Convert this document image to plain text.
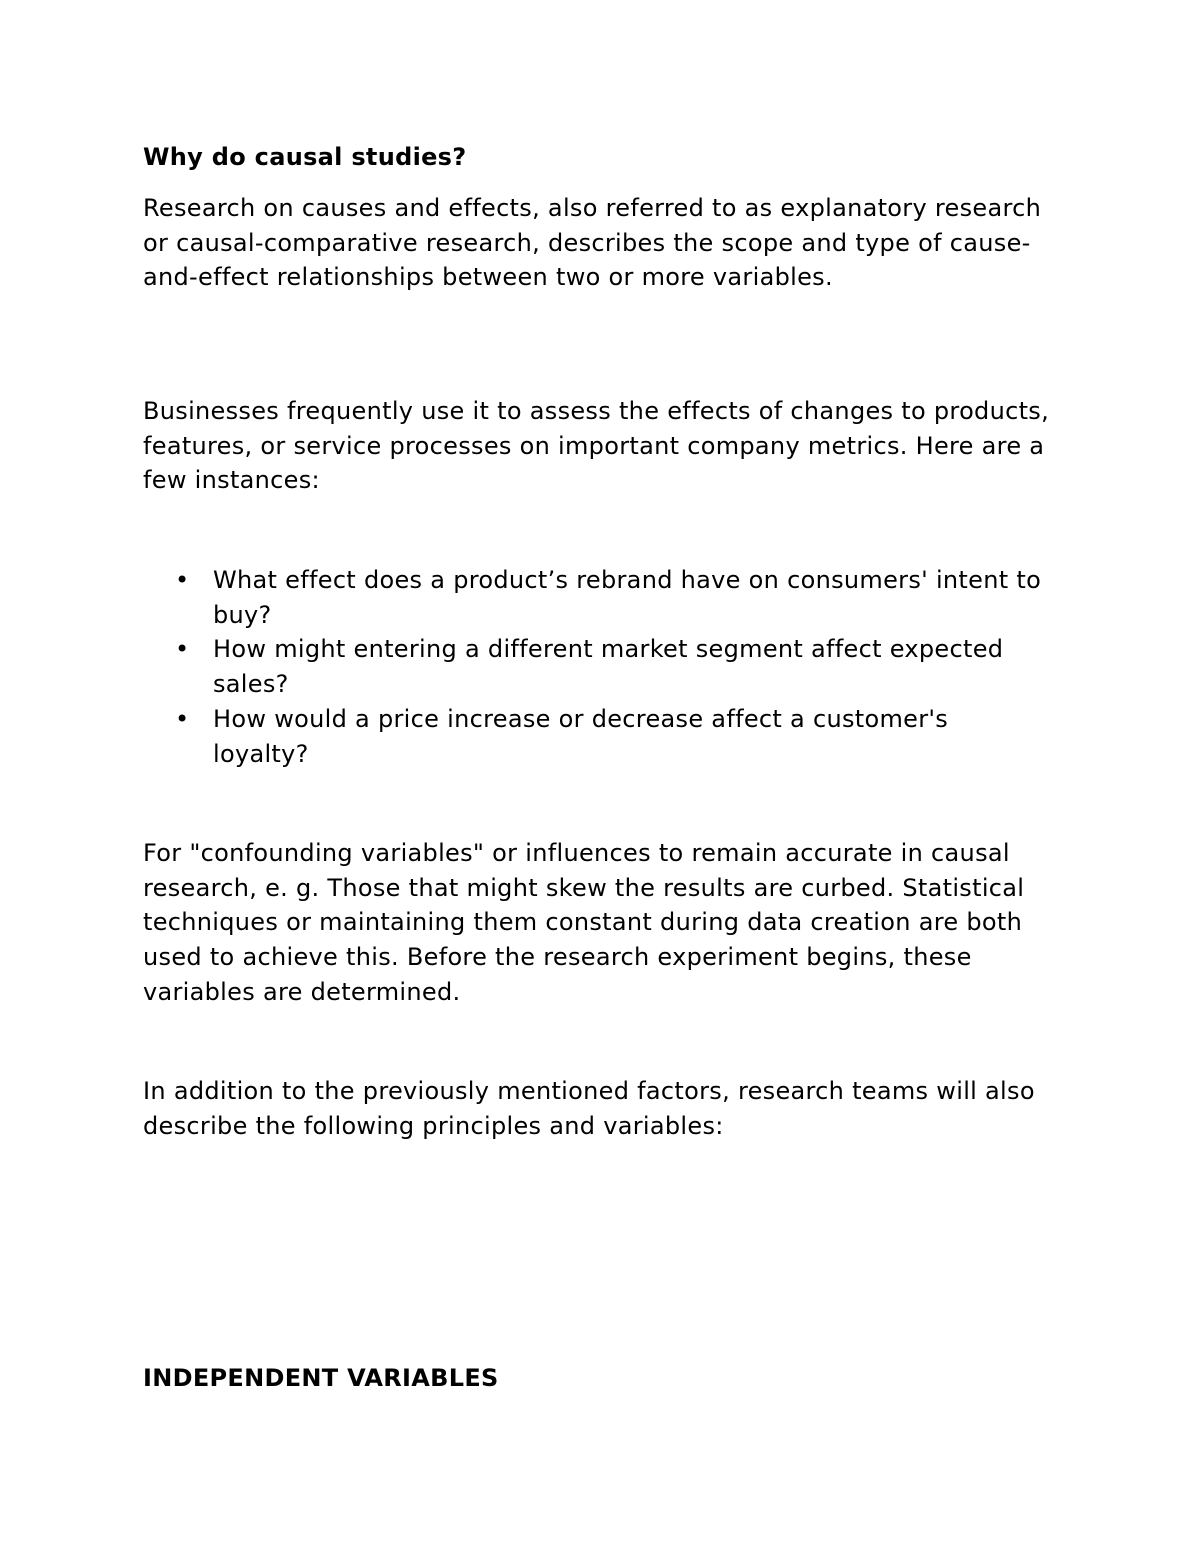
Why do causal studies?

Research on causes and effects, also referred to as explanatory research or causal-comparative research, describes the scope and type of cause-and-effect relationships between two or more variables.

Businesses frequently use it to assess the effects of changes to products, features, or service processes on important company metrics. Here are a few instances:

• What effect does a product’s rebrand have on consumers' intent to buy?
• How might entering a different market segment affect expected sales?
• How would a price increase or decrease affect a customer's loyalty?

For "confounding variables" or influences to remain accurate in causal research, e. g. Those that might skew the results are curbed. Statistical techniques or maintaining them constant during data creation are both used to achieve this. Before the research experiment begins, these variables are determined.

In addition to the previously mentioned factors, research teams will also describe the following principles and variables:

INDEPENDENT VARIABLES
